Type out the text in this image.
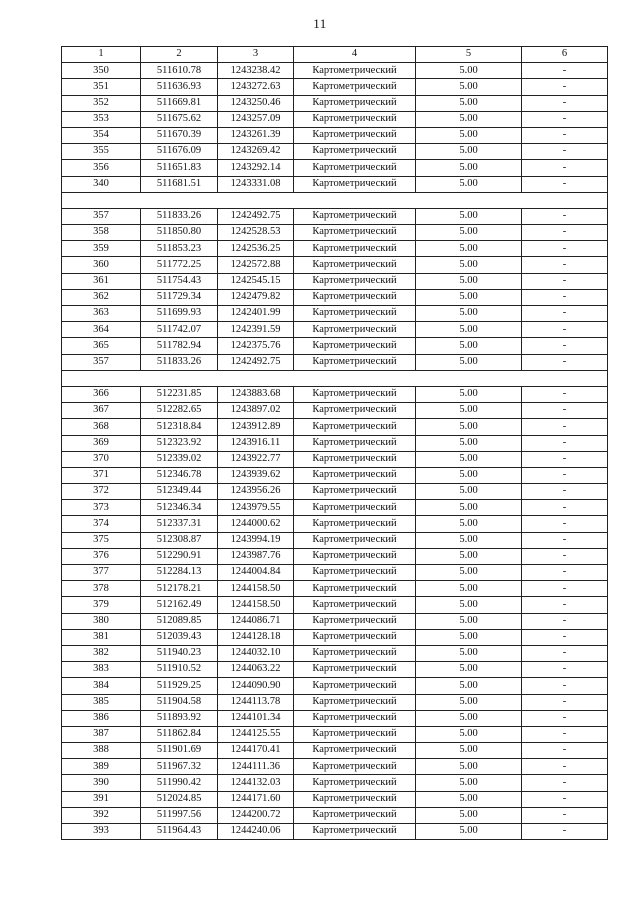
11
1	2	3	4	5	6
350	511610.78	1243238.42	Картометрический	5.00	-
351	511636.93	1243272.63	Картометрический	5.00	-
352	511669.81	1243250.46	Картометрический	5.00	-
353	511675.62	1243257.09	Картометрический	5.00	-
354	511670.39	1243261.39	Картометрический	5.00	-
355	511676.09	1243269.42	Картометрический	5.00	-
356	511651.83	1243292.14	Картометрический	5.00	-
340	511681.51	1243331.08	Картометрический	5.00	-

357	511833.26	1242492.75	Картометрический	5.00	-
358	511850.80	1242528.53	Картометрический	5.00	-
359	511853.23	1242536.25	Картометрический	5.00	-
360	511772.25	1242572.88	Картометрический	5.00	-
361	511754.43	1242545.15	Картометрический	5.00	-
362	511729.34	1242479.82	Картометрический	5.00	-
363	511699.93	1242401.99	Картометрический	5.00	-
364	511742.07	1242391.59	Картометрический	5.00	-
365	511782.94	1242375.76	Картометрический	5.00	-
357	511833.26	1242492.75	Картометрический	5.00	-

366	512231.85	1243883.68	Картометрический	5.00	-
367	512282.65	1243897.02	Картометрический	5.00	-
368	512318.84	1243912.89	Картометрический	5.00	-
369	512323.92	1243916.11	Картометрический	5.00	-
370	512339.02	1243922.77	Картометрический	5.00	-
371	512346.78	1243939.62	Картометрический	5.00	-
372	512349.44	1243956.26	Картометрический	5.00	-
373	512346.34	1243979.55	Картометрический	5.00	-
374	512337.31	1244000.62	Картометрический	5.00	-
375	512308.87	1243994.19	Картометрический	5.00	-
376	512290.91	1243987.76	Картометрический	5.00	-
377	512284.13	1244004.84	Картометрический	5.00	-
378	512178.21	1244158.50	Картометрический	5.00	-
379	512162.49	1244158.50	Картометрический	5.00	-
380	512089.85	1244086.71	Картометрический	5.00	-
381	512039.43	1244128.18	Картометрический	5.00	-
382	511940.23	1244032.10	Картометрический	5.00	-
383	511910.52	1244063.22	Картометрический	5.00	-
384	511929.25	1244090.90	Картометрический	5.00	-
385	511904.58	1244113.78	Картометрический	5.00	-
386	511893.92	1244101.34	Картометрический	5.00	-
387	511862.84	1244125.55	Картометрический	5.00	-
388	511901.69	1244170.41	Картометрический	5.00	-
389	511967.32	1244111.36	Картометрический	5.00	-
390	511990.42	1244132.03	Картометрический	5.00	-
391	512024.85	1244171.60	Картометрический	5.00	-
392	511997.56	1244200.72	Картометрический	5.00	-
393	511964.43	1244240.06	Картометрический	5.00	-
